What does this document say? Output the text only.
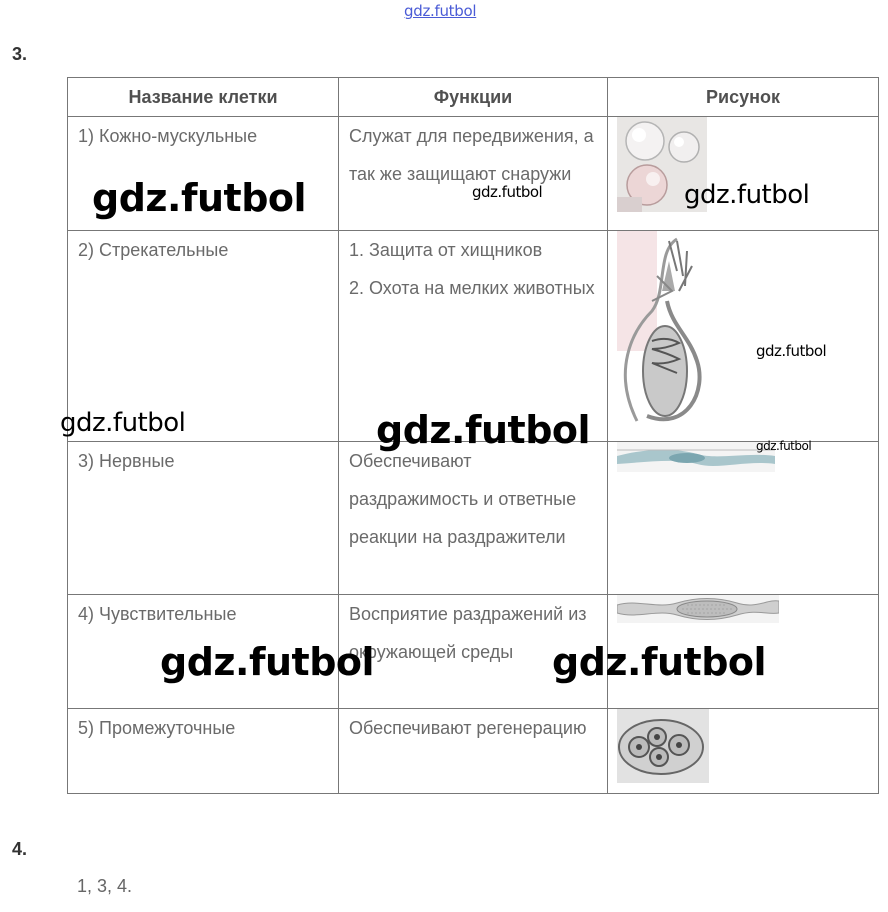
gdz.futbol
3.
Название клетки	Функции	Рисунок

1) Кожно-мускульные	Служат для передвижения, а так же защищают снаружи

2) Стрекательные	1. Защита от хищников
2. Охота на мелких животных

3) Нервные	Обеспечивают раздражимость и ответные реакции на раздражители

4) Чувствительные	Восприятие раздражений из окружающей среды

5) Промежуточные	Обеспечивают регенерацию

gdz.futbol	gdz.futbol	gdz.futbol
gdz.futbol
gdz.futbol	gdz.futbol	gdz.futbol
gdz.futbol	gdz.futbol
4.
1, 3, 4.
